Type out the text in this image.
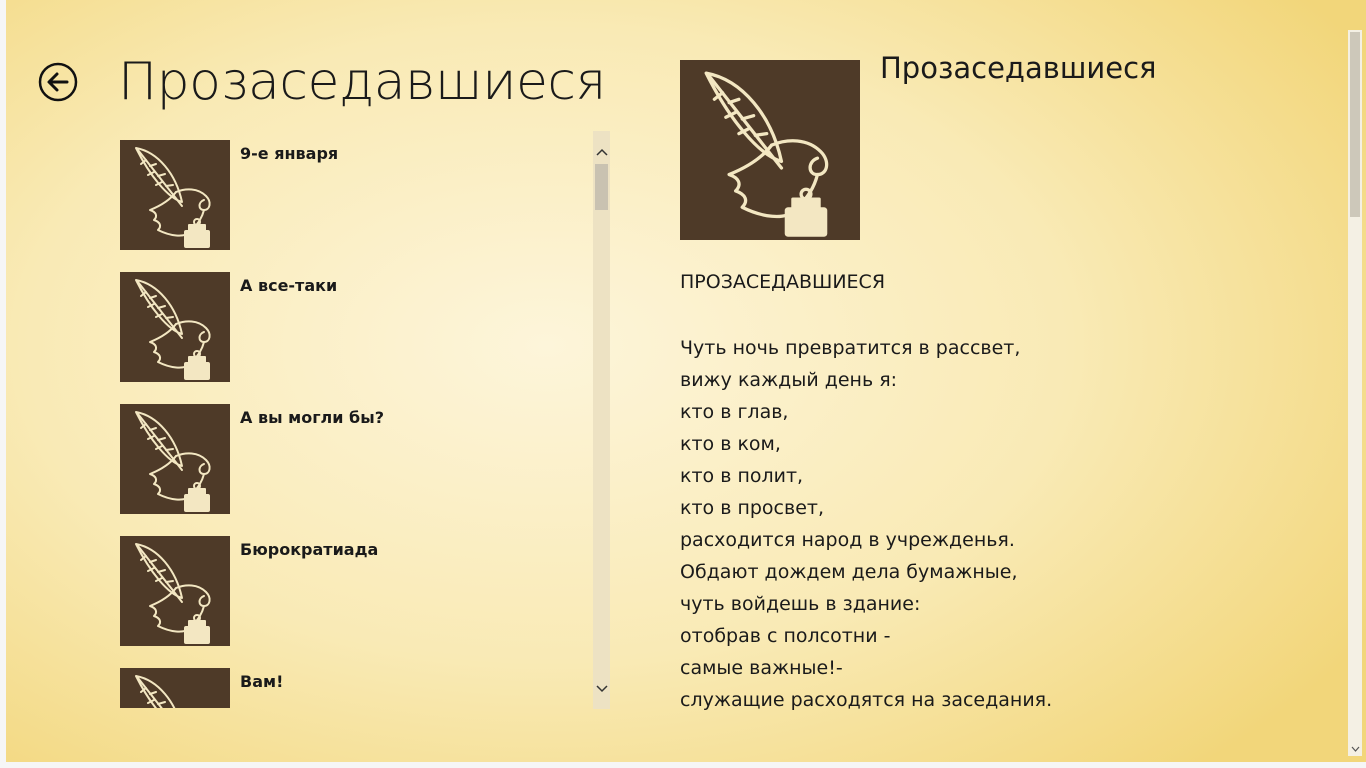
Прозаседавшиеся
9-е января
А все-таки
А вы могли бы?
Бюрократиада
Вам!
Прозаседавшиеся
ПРОЗАСЕДАВШИЕСЯ
Чуть ночь превратится в рассвет,
вижу каждый день я:
кто в глав,
кто в ком,
кто в полит,
кто в просвет,
расходится народ в учрежденья.
Обдают дождем дела бумажные,
чуть войдешь в здание:
отобрав с полсотни -
самые важные!-
служащие расходятся на заседания.
